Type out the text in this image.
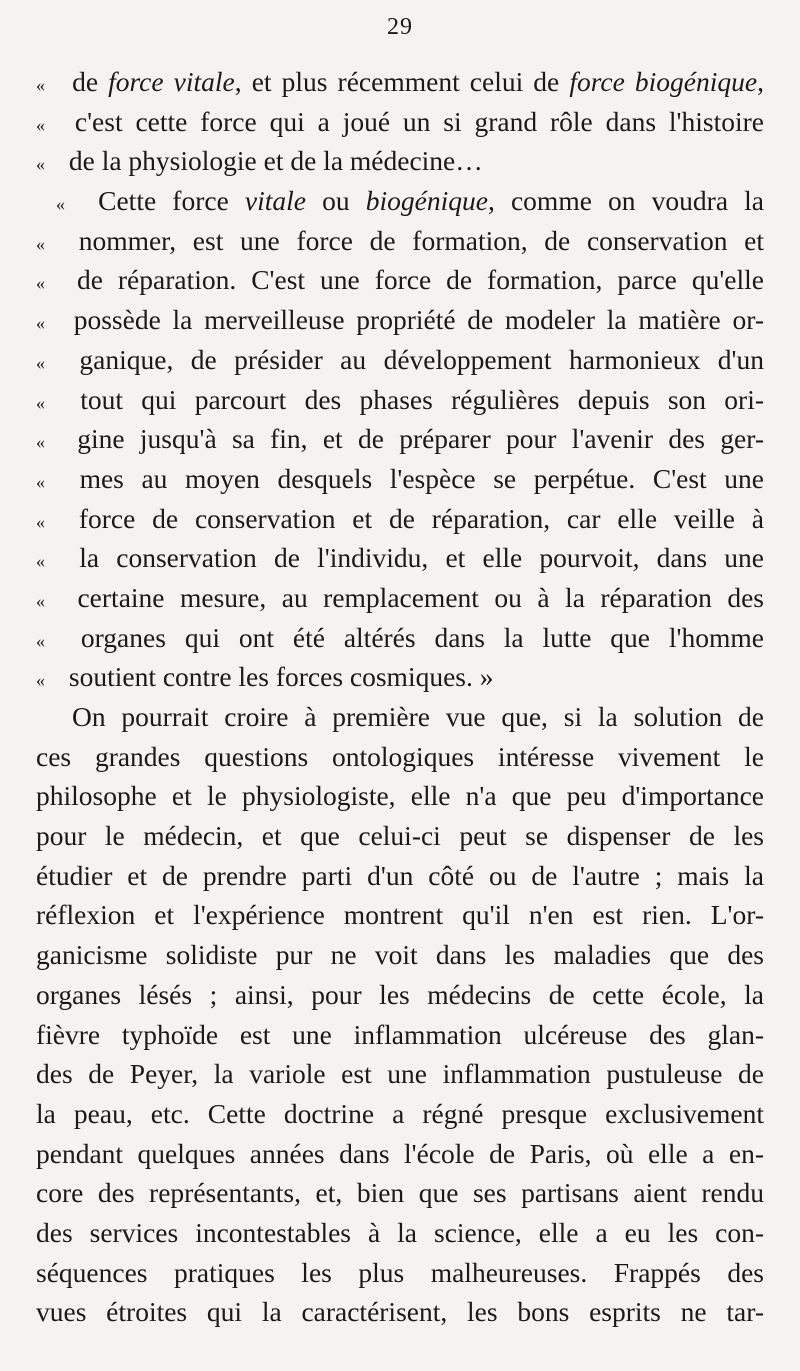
29
« de force vitale, et plus récemment celui de force biogénique,
« c'est cette force qui a joué un si grand rôle dans l'histoire
« de la physiologie et de la médecine…
« Cette force vitale ou biogénique, comme on voudra la
« nommer, est une force de formation, de conservation et
« de réparation. C'est une force de formation, parce qu'elle
« possède la merveilleuse propriété de modeler la matière or-
« ganique, de présider au développement harmonieux d'un
« tout qui parcourt des phases régulières depuis son ori-
« gine jusqu'à sa fin, et de préparer pour l'avenir des ger-
« mes au moyen desquels l'espèce se perpétue. C'est une
« force de conservation et de réparation, car elle veille à
« la conservation de l'individu, et elle pourvoit, dans une
« certaine mesure, au remplacement ou à la réparation des
« organes qui ont été altérés dans la lutte que l'homme
« soutient contre les forces cosmiques. »
On pourrait croire à première vue que, si la solution de
ces grandes questions ontologiques intéresse vivement le
philosophe et le physiologiste, elle n'a que peu d'importance
pour le médecin, et que celui-ci peut se dispenser de les
étudier et de prendre parti d'un côté ou de l'autre ; mais la
réflexion et l'expérience montrent qu'il n'en est rien. L'or-
ganicisme solidiste pur ne voit dans les maladies que des
organes lésés ; ainsi, pour les médecins de cette école, la
fièvre typhoïde est une inflammation ulcéreuse des glan-
des de Peyer, la variole est une inflammation pustuleuse de
la peau, etc. Cette doctrine a régné presque exclusivement
pendant quelques années dans l'école de Paris, où elle a en-
core des représentants, et, bien que ses partisans aient rendu
des services incontestables à la science, elle a eu les con-
séquences pratiques les plus malheureuses. Frappés des
vues étroites qui la caractérisent, les bons esprits ne tar-
